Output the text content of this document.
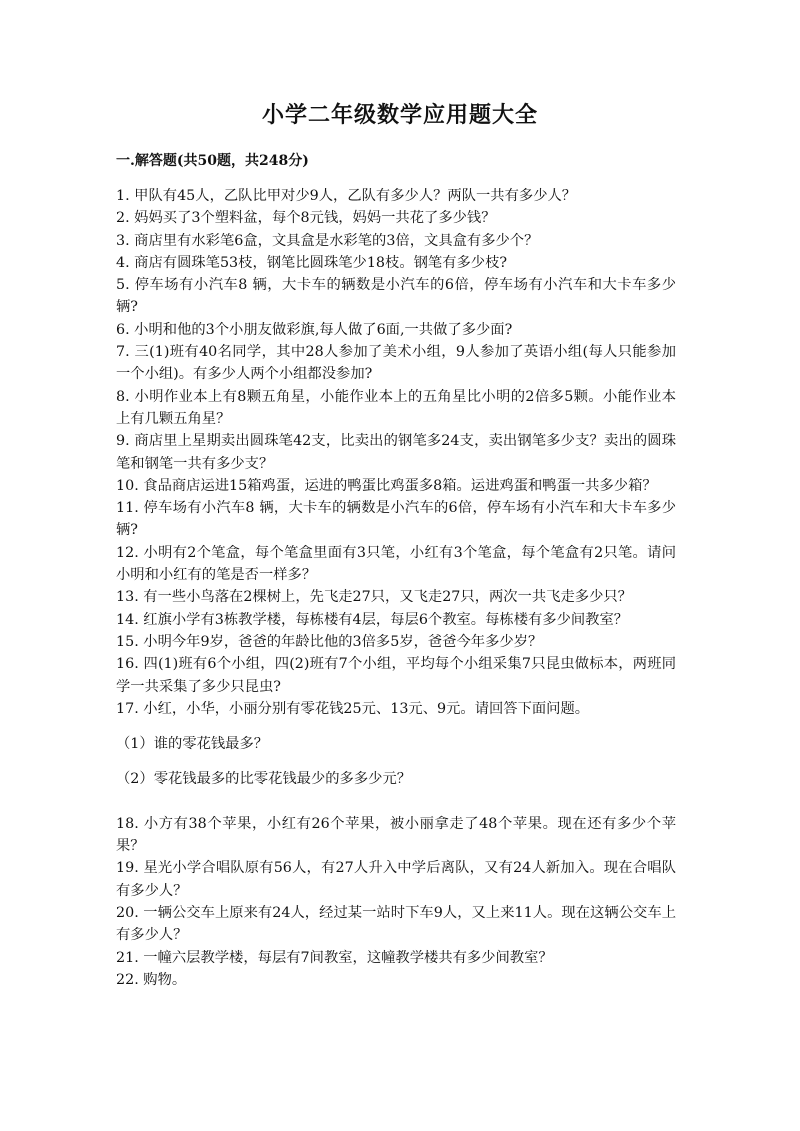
小学二年级数学应用题大全
一.解答题(共50题，共248分)

1. 甲队有45人，乙队比甲对少9人，乙队有多少人？两队一共有多少人？

2. 妈妈买了3个塑料盆，每个8元钱，妈妈一共花了多少钱？

3. 商店里有水彩笔6盒，文具盒是水彩笔的3倍，文具盒有多少个？

4. 商店有圆珠笔53枝，钢笔比圆珠笔少18枝。钢笔有多少枝?

5. 停车场有小汽车8 辆，大卡车的辆数是小汽车的6倍，停车场有小汽车和大卡车多少辆?

6. 小明和他的3个小朋友做彩旗,每人做了6面,一共做了多少面?

7. 三(1)班有40名同学，其中28人参加了美术小组，9人参加了英语小组(每人只能参加一个小组)。有多少人两个小组都没参加?

8. 小明作业本上有8颗五角星，小能作业本上的五角星比小明的2倍多5颗。小能作业本上有几颗五角星？

9. 商店里上星期卖出圆珠笔42支，比卖出的钢笔多24支，卖出钢笔多少支？卖出的圆珠笔和钢笔一共有多少支？

10. 食品商店运进15箱鸡蛋，运进的鸭蛋比鸡蛋多8箱。运进鸡蛋和鸭蛋一共多少箱？

11. 停车场有小汽车8 辆，大卡车的辆数是小汽车的6倍，停车场有小汽车和大卡车多少辆?

12. 小明有2个笔盒，每个笔盒里面有3只笔，小红有3个笔盒，每个笔盒有2只笔。请问小明和小红有的笔是否一样多？

13. 有一些小鸟落在2棵树上，先飞走27只，又飞走27只，两次一共飞走多少只？

14. 红旗小学有3栋教学楼，每栋楼有4层，每层6个教室。每栋楼有多少间教室？

15. 小明今年9岁，爸爸的年龄比他的3倍多5岁，爸爸今年多少岁？

16. 四(1)班有6个小组，四(2)班有7个小组，平均每个小组采集7只昆虫做标本，两班同学一共采集了多少只昆虫?

17. 小红，小华，小丽分别有零花钱25元、13元、9元。请回答下面问题。

（1）谁的零花钱最多？

（2）零花钱最多的比零花钱最少的多多少元？

18. 小方有38个苹果，小红有26个苹果，被小丽拿走了48个苹果。现在还有多少个苹果？

19. 星光小学合唱队原有56人，有27人升入中学后离队，又有24人新加入。现在合唱队有多少人？

20. 一辆公交车上原来有24人，经过某一站时下车9人，又上来11人。现在这辆公交车上有多少人？

21. 一幢六层教学楼，每层有7间教室，这幢教学楼共有多少间教室？

22. 购物。
